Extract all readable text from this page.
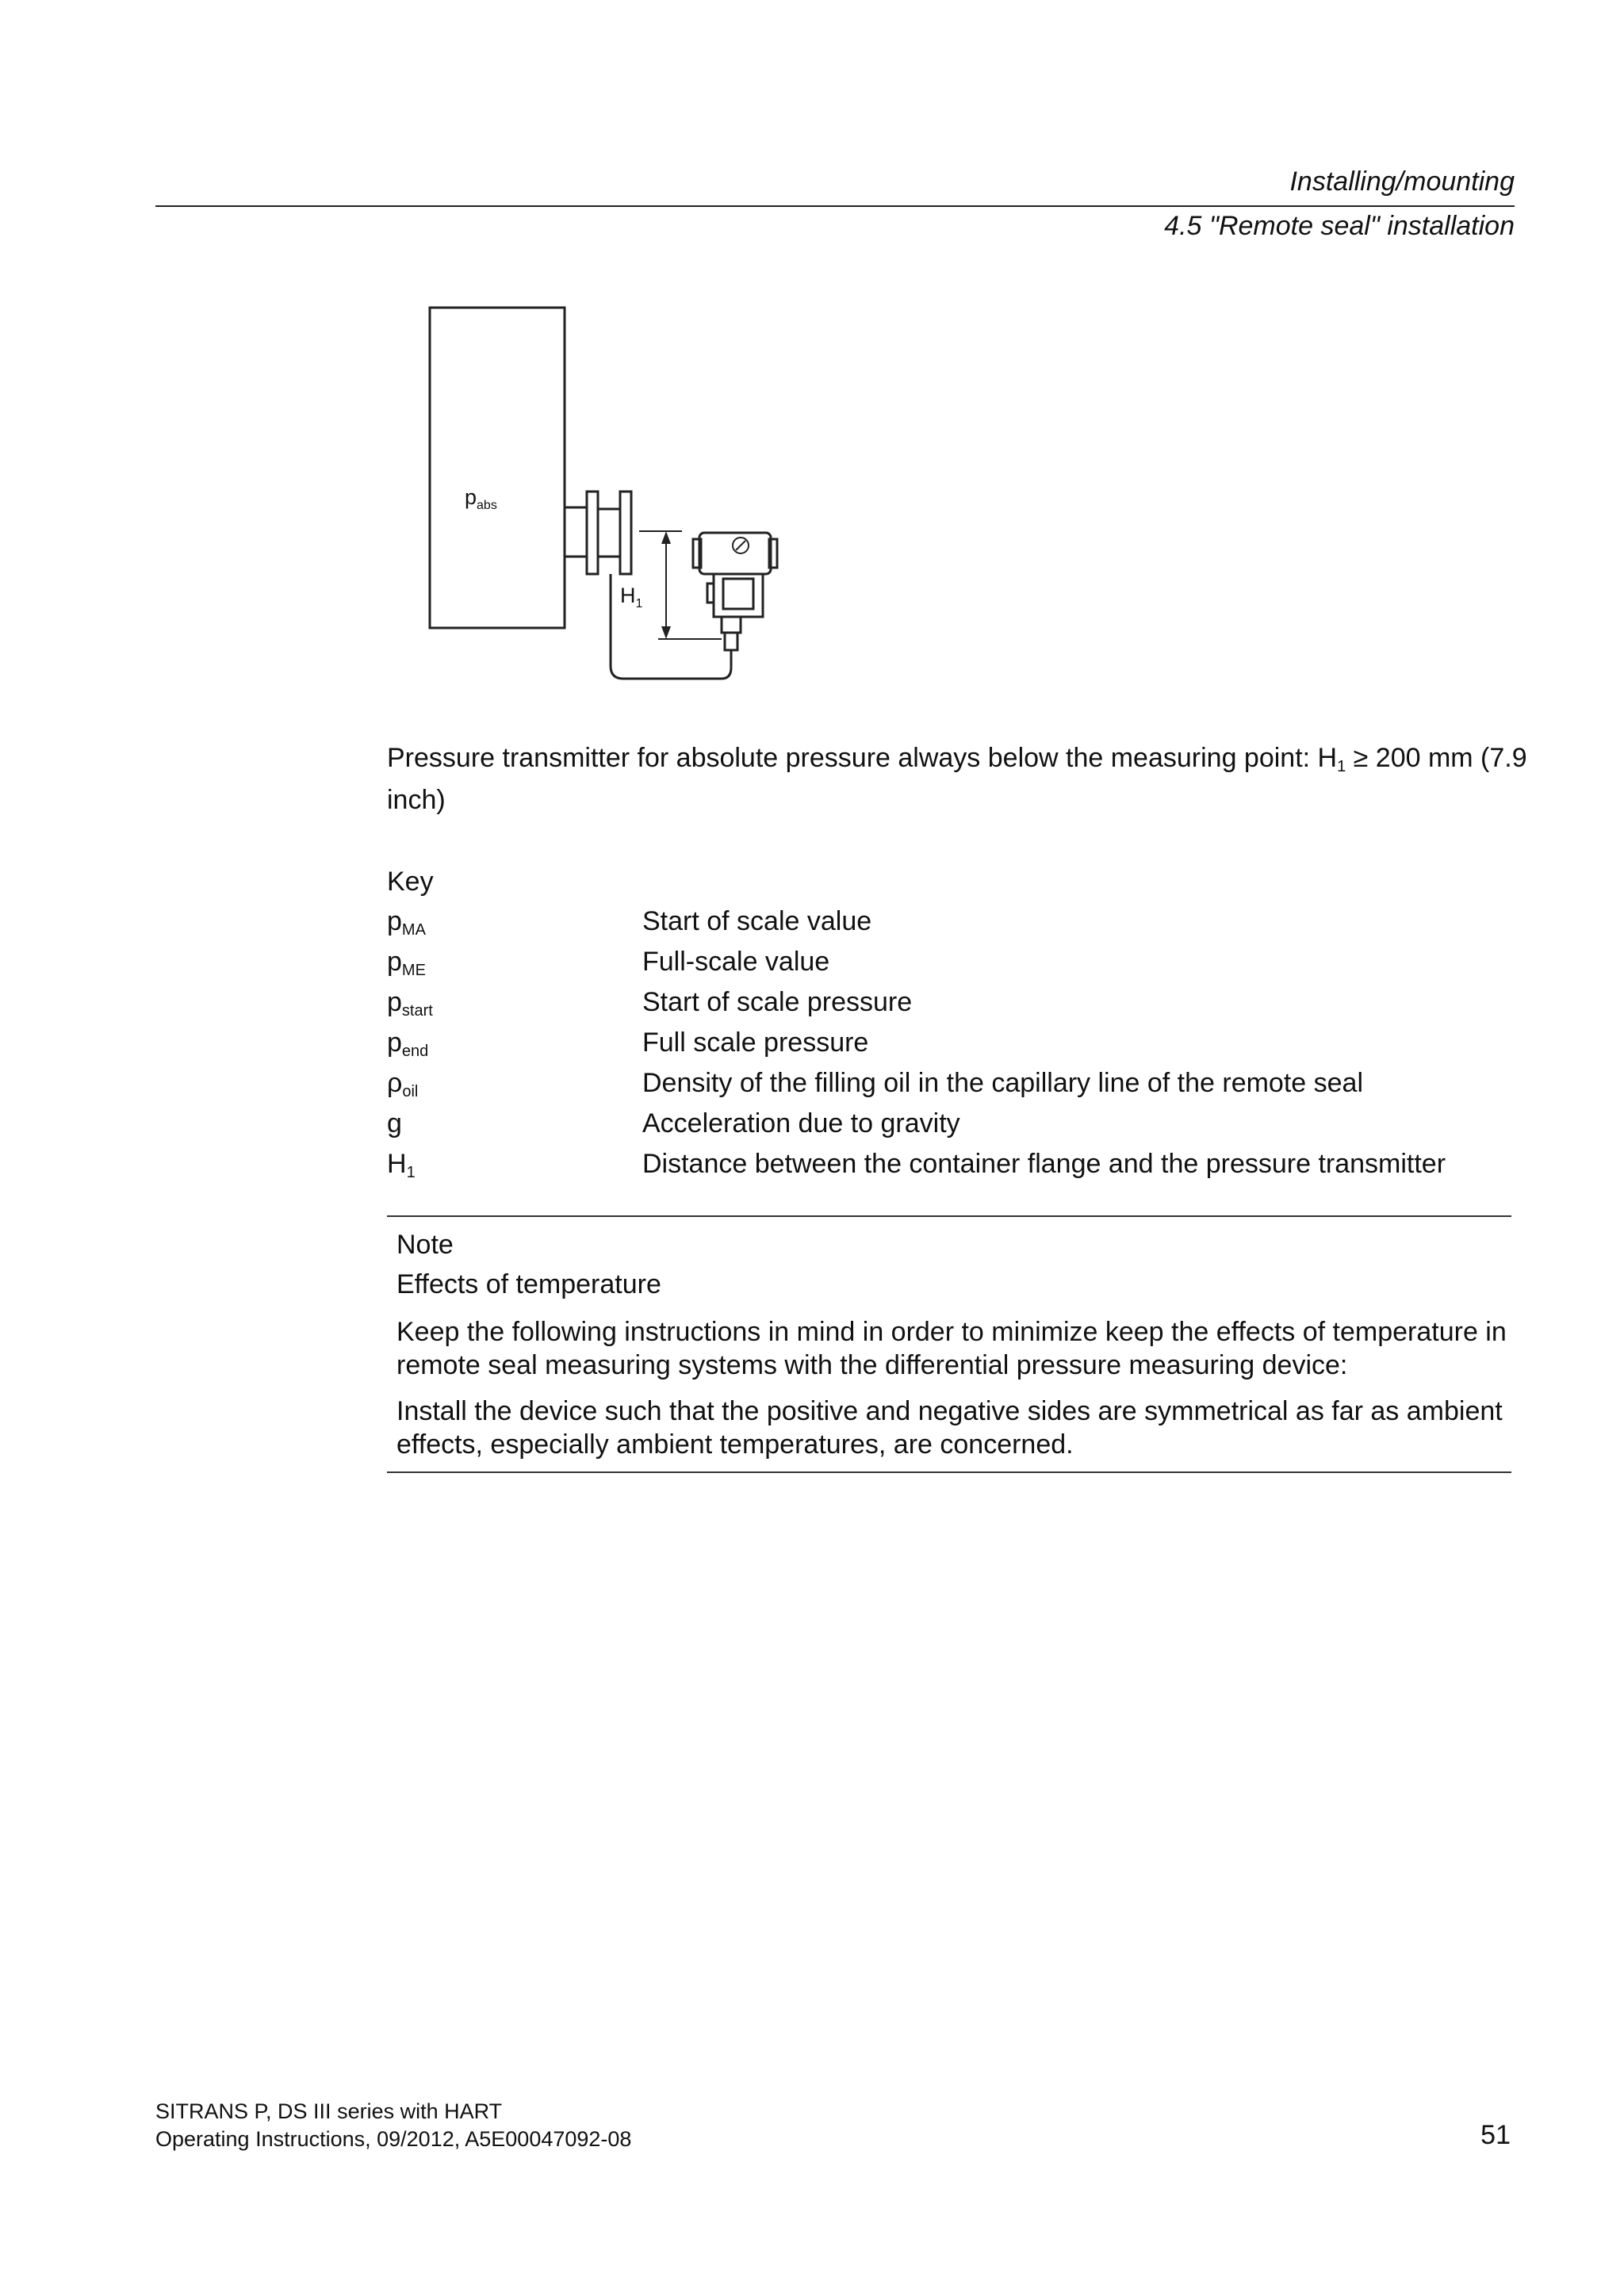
Installing/mounting
4.5 "Remote seal" installation
$p_{abs}$
$H_1$
Pressure transmitter for absolute pressure always below the measuring point: $H_1 \ge 200$ mm (7.9 inch)
Key
$p_{MA}$	Start of scale value
$p_{ME}$	Full-scale value
$p_{start}$	Start of scale pressure
$p_{end}$	Full scale pressure
$\rho_{oil}$	Density of the filling oil in the capillary line of the remote seal
g	Acceleration due to gravity
$H_1$	Distance between the container flange and the pressure transmitter
Note
Effects of temperature
Keep the following instructions in mind in order to minimize keep the effects of temperature in remote seal measuring systems with the differential pressure measuring device:
Install the device such that the positive and negative sides are symmetrical as far as ambient effects, especially ambient temperatures, are concerned.
SITRANS P, DS III series with HART
Operating Instructions, 09/2012, A5E00047092-08	51
